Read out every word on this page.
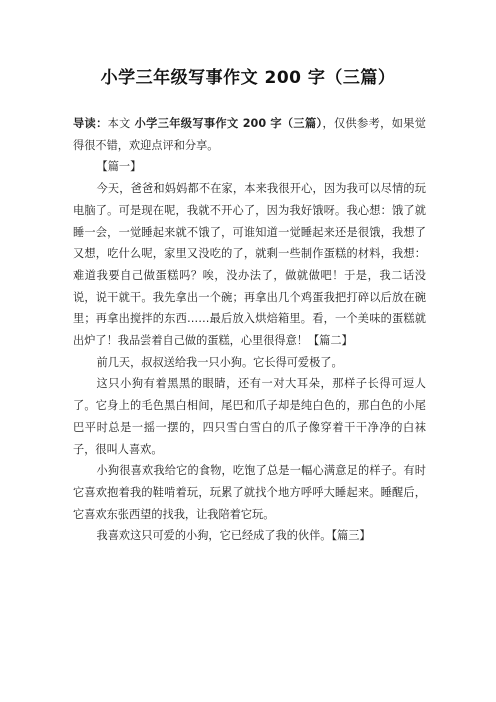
小学三年级写事作文 200 字（三篇）

导读：本文 小学三年级写事作文 200 字（三篇），仅供参考，如果觉得很不错，欢迎点评和分享。

【篇一】

今天，爸爸和妈妈都不在家，本来我很开心，因为我可以尽情的玩电脑了。可是现在呢，我就不开心了，因为我好饿呀。我心想：饿了就睡一会，一觉睡起来就不饿了，可谁知道一觉睡起来还是很饿，我想了又想，吃什么呢，家里又没吃的了，就剩一些制作蛋糕的材料，我想：难道我要自己做蛋糕吗？唉，没办法了，做就做吧！于是，我二话没说，说干就干。我先拿出一个碗；再拿出几个鸡蛋我把打碎以后放在碗里；再拿出搅拌的东西……最后放入烘焙箱里。看，一个美味的蛋糕就出炉了！我品尝着自己做的蛋糕，心里很得意！【篇二】

前几天，叔叔送给我一只小狗。它长得可爱极了。

这只小狗有着黑黑的眼睛，还有一对大耳朵，那样子长得可逗人了。它身上的毛色黑白相间，尾巴和爪子却是纯白色的，那白色的小尾巴平时总是一摇一摆的，四只雪白雪白的爪子像穿着干干净净的白袜子，很叫人喜欢。

小狗很喜欢我给它的食物，吃饱了总是一幅心满意足的样子。有时它喜欢抱着我的鞋啃着玩，玩累了就找个地方呼呼大睡起来。睡醒后，它喜欢东张西望的找我，让我陪着它玩。

我喜欢这只可爱的小狗，它已经成了我的伙伴。【篇三】
